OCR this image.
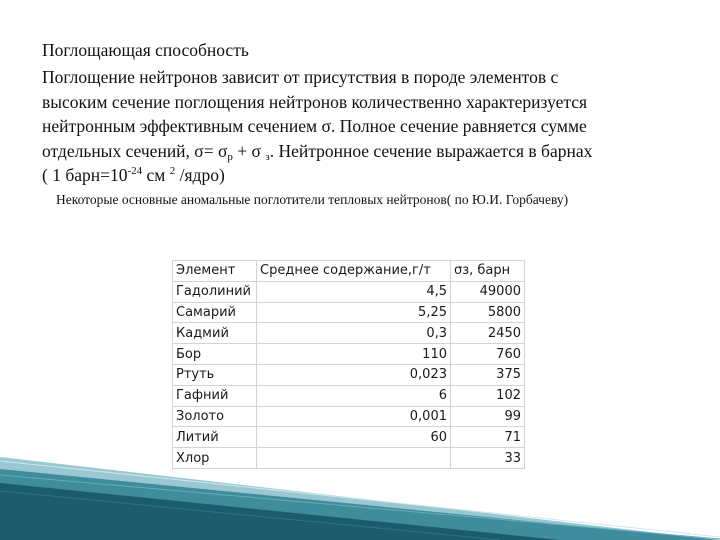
Поглощающая способность
Поглощение нейтронов зависит от присутствия в породе элементов с
высоким сечение поглощения нейтронов количественно характеризуется
нейтронным эффективным сечением σ. Полное сечение равняется сумме
отдельных сечений, $\sigma= \sigma_р + \sigma$ $_з$. Нейтронное сечение выражается в барнах
( 1 $барн=10^{-24}$ см $^2$ /ядро)
Некоторые основные аномальные поглотители тепловых нейтронов( по Ю.И. Горбачеву)
Элемент	Среднее содержание,г/т	σз, барн
Гадолиний	4,5	49000
Самарий	5,25	5800
Кадмий	0,3	2450
Бор	110	760
Ртуть	0,023	375
Гафний	6	102
Золото	0,001	99
Литий	60	71
Хлор		33
